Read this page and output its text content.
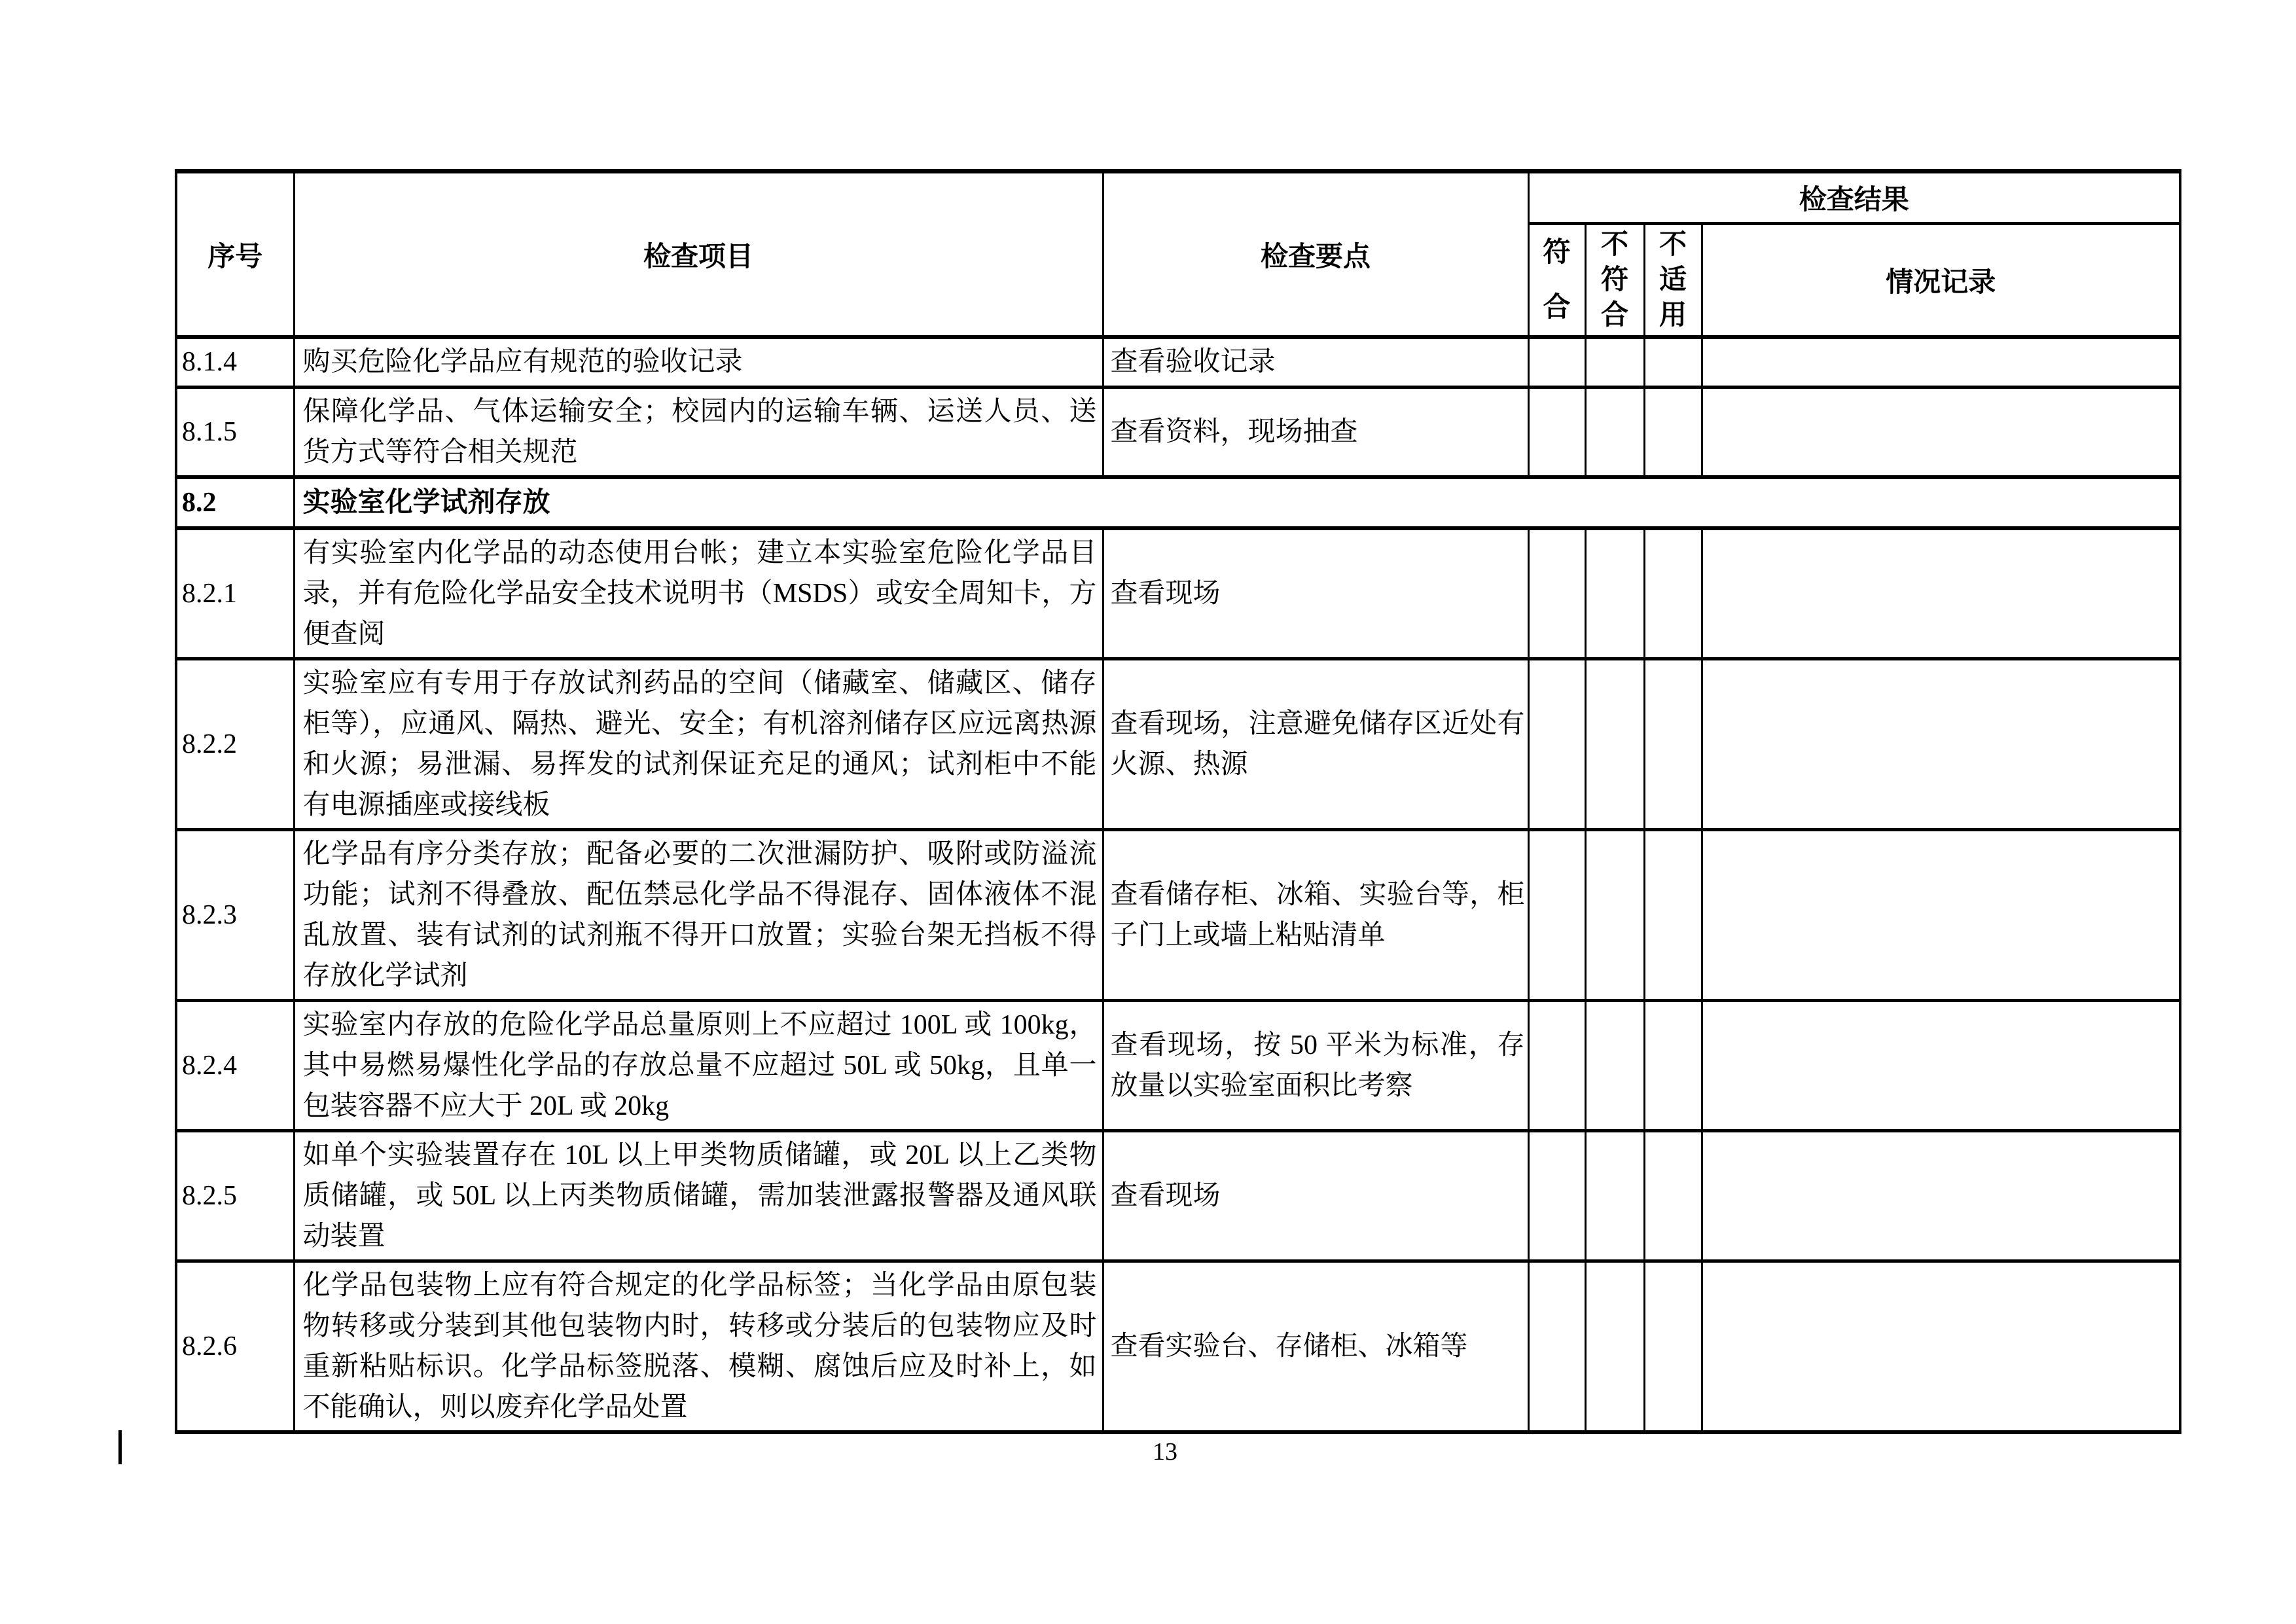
序号	检查项目	检查要点	检查结果			

			符合	不符合	不适用	情况记录
8.1.4	购买危险化学品应有规范的验收记录	查看验收记录				
8.1.5	保障化学品、气体运输安全；校园内的运输车辆、运送人员、送货方式等符合相关规范	查看资料，现场抽查				
8.2	实验室化学试剂存放					
8.2.1	有实验室内化学品的动态使用台帐；建立本实验室危险化学品目录，并有危险化学品安全技术说明书（MSDS）或安全周知卡，方便查阅	查看现场				
8.2.2	实验室应有专用于存放试剂药品的空间（储藏室、储藏区、储存柜等），应通风、隔热、避光、安全；有机溶剂储存区应远离热源和火源；易泄漏、易挥发的试剂保证充足的通风；试剂柜中不能有电源插座或接线板	查看现场，注意避免储存区近处有火源、热源				
8.2.3	化学品有序分类存放；配备必要的二次泄漏防护、吸附或防溢流功能；试剂不得叠放、配伍禁忌化学品不得混存、固体液体不混乱放置、装有试剂的试剂瓶不得开口放置；实验台架无挡板不得存放化学试剂	查看储存柜、冰箱、实验台等，柜子门上或墙上粘贴清单				
8.2.4	实验室内存放的危险化学品总量原则上不应超过 100L 或 100kg，其中易燃易爆性化学品的存放总量不应超过 50L 或 50kg，且单一包装容器不应大于 20L 或 20kg	查看现场，按 50 平米为标准，存放量以实验室面积比考察				
8.2.5	如单个实验装置存在 10L 以上甲类物质储罐，或 20L 以上乙类物质储罐，或 50L 以上丙类物质储罐，需加装泄露报警器及通风联动装置	查看现场				
8.2.6	化学品包装物上应有符合规定的化学品标签；当化学品由原包装物转移或分装到其他包装物内时，转移或分装后的包装物应及时重新粘贴标识。化学品标签脱落、模糊、腐蚀后应及时补上，如不能确认，则以废弃化学品处置	查看实验台、存储柜、冰箱等				
13
